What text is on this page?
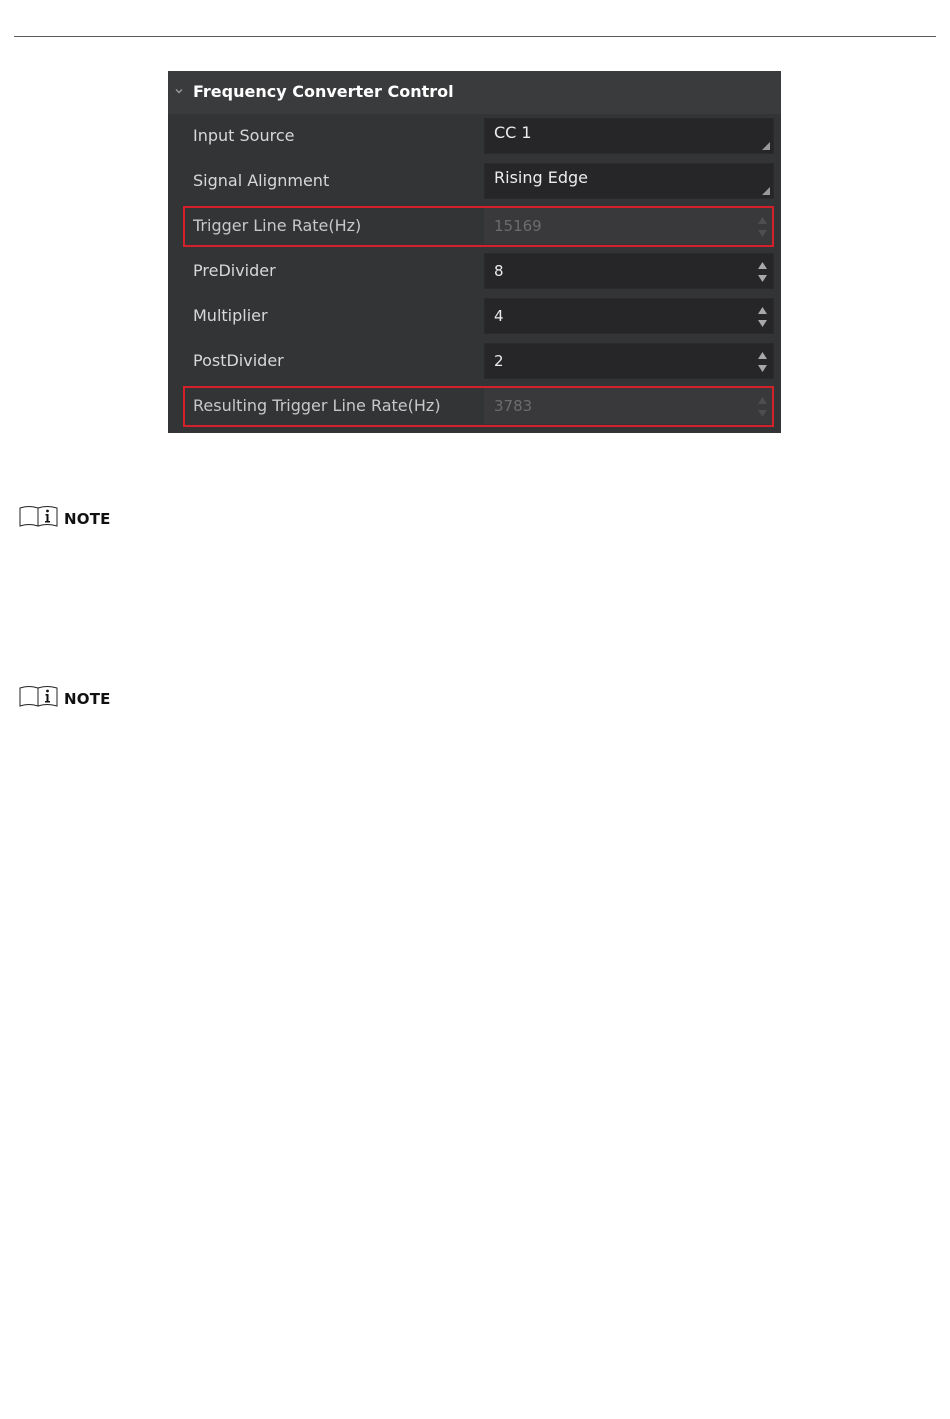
Frequency Converter Control
Input Source	CC 1
Signal Alignment	Rising Edge
Trigger Line Rate(Hz)	15169
PreDivider	8
Multiplier	4
PostDivider	2
Resulting Trigger Line Rate(Hz)	3783
NOTE
NOTE
